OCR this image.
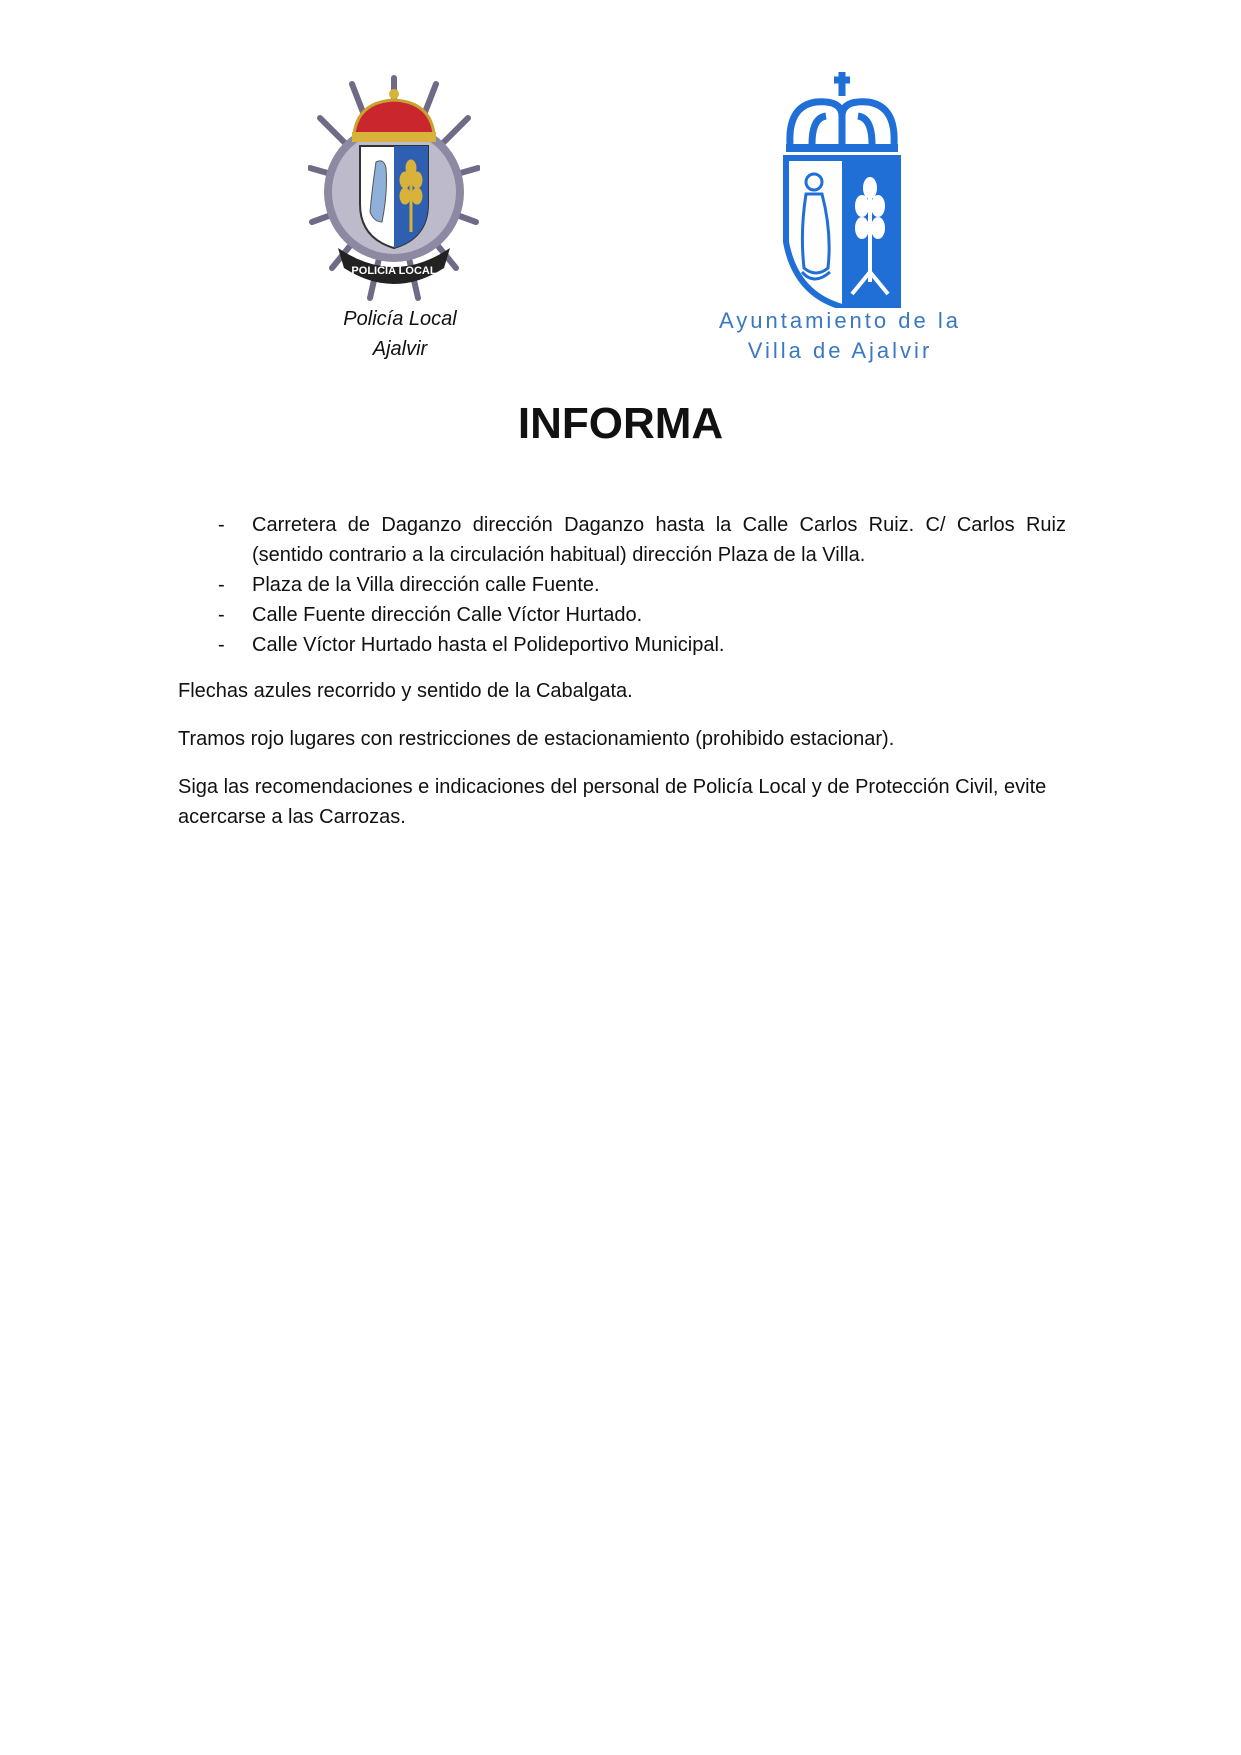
POLICIA LOCAL
Policía Local
Ajalvir
Ayuntamiento de la
Villa de Ajalvir
INFORMA
- Carretera de Daganzo dirección Daganzo hasta la Calle Carlos Ruiz. C/ Carlos Ruiz (sentido contrario a la circulación habitual) dirección Plaza de la Villa.
- Plaza de la Villa dirección calle Fuente.
- Calle Fuente dirección Calle Víctor Hurtado.
- Calle Víctor Hurtado hasta el Polideportivo Municipal.

Flechas azules recorrido y sentido de la Cabalgata.

Tramos rojo lugares con restricciones de estacionamiento (prohibido estacionar).

Siga las recomendaciones e indicaciones del personal de Policía Local y de Protección Civil, evite acercarse a las Carrozas.
